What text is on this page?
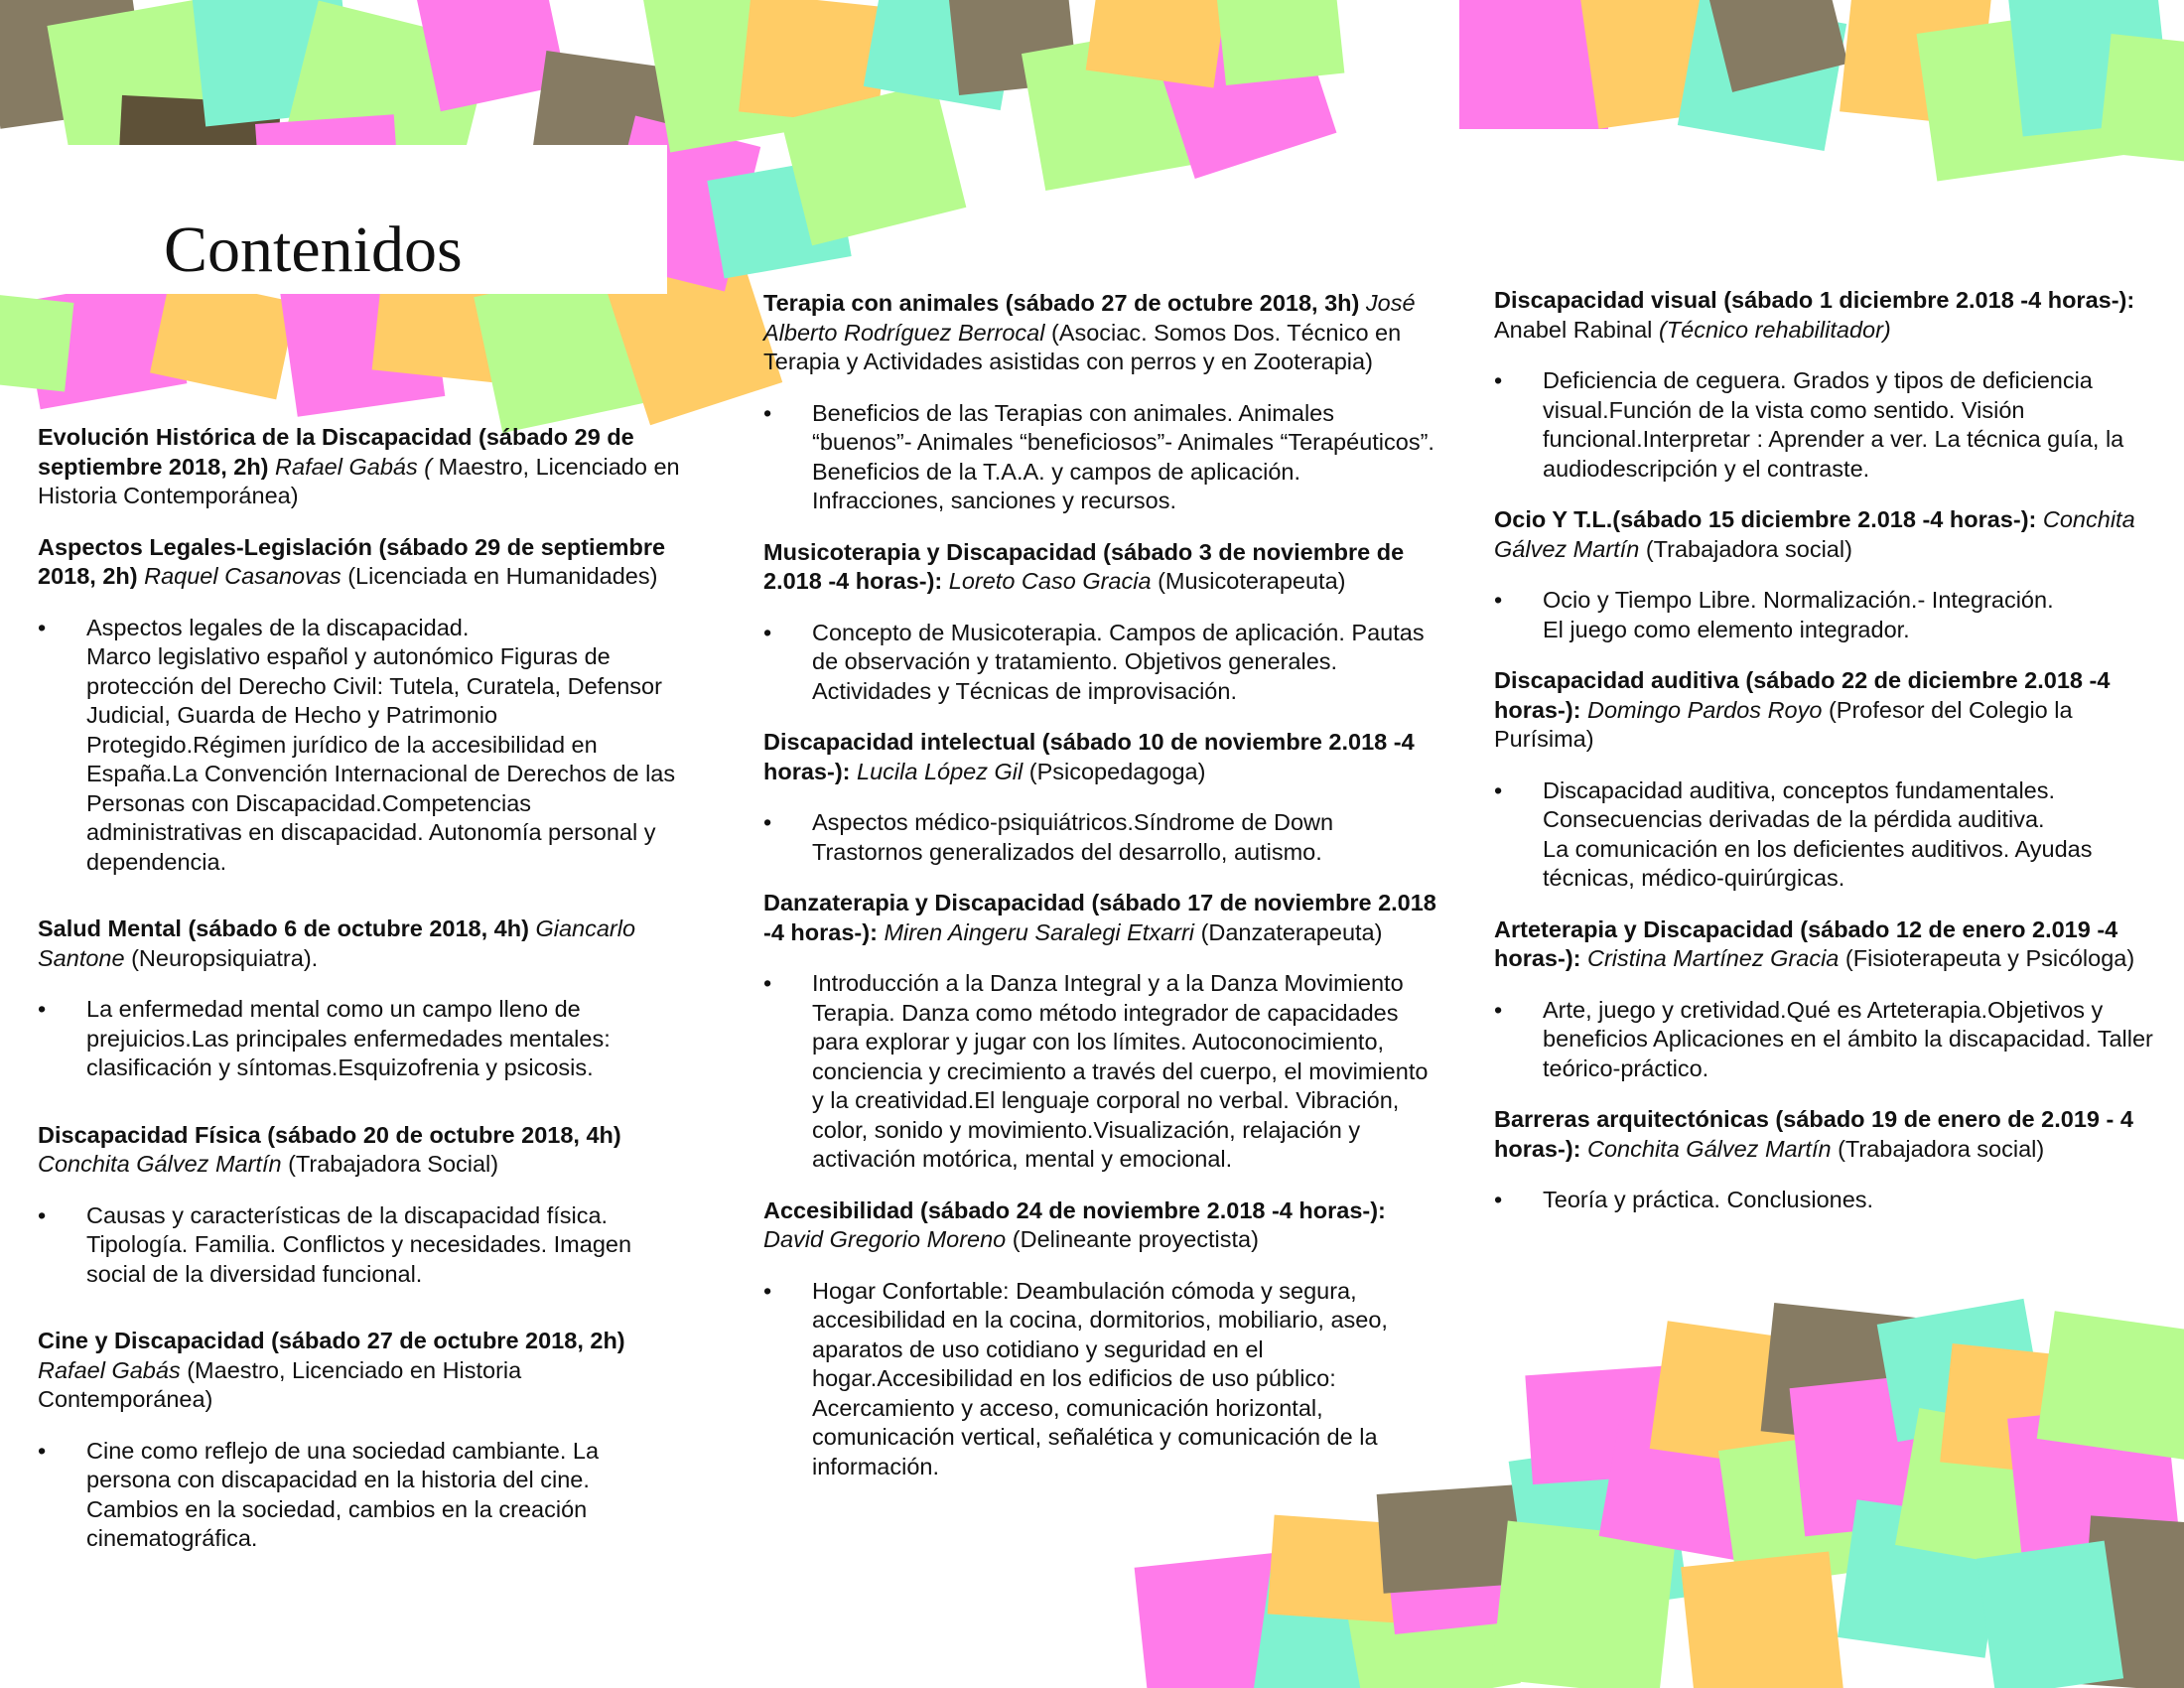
Contenidos

Evolución Histórica de la Discapacidad (sábado 29 de septiembre 2018, 2h) Rafael Gabás ( Maestro, Licenciado en Historia Contemporánea)

Aspectos Legales-Legislación (sábado 29 de septiembre 2018, 2h) Raquel Casanovas (Licenciada en Humanidades)

• Aspectos legales de la discapacidad.
Marco legislativo español y autonómico Figuras de protección del Derecho Civil: Tutela, Curatela, Defensor Judicial, Guarda de Hecho y Patrimonio Protegido.Régimen jurídico de la accesibilidad en España.La Convención Internacional de Derechos de las Personas con Discapacidad.Competencias administrativas en discapacidad. Autonomía personal y dependencia.

Salud Mental (sábado 6 de octubre 2018, 4h) Giancarlo Santone (Neuropsiquiatra).

• La enfermedad mental como un campo lleno de prejuicios.Las principales enfermedades mentales: clasificación y síntomas.Esquizofrenia y psicosis.

Discapacidad Física (sábado 20 de octubre 2018, 4h) Conchita Gálvez Martín (Trabajadora Social)

• Causas y características de la discapacidad física. Tipología. Familia. Conflictos y necesidades. Imagen social de la diversidad funcional.

Cine y Discapacidad (sábado 27 de octubre 2018, 2h) Rafael Gabás (Maestro, Licenciado en Historia Contemporánea)

• Cine como reflejo de una sociedad cambiante. La persona con discapacidad en la historia del cine. Cambios en la sociedad, cambios en la creación cinematográfica.

Terapia con animales (sábado 27 de octubre 2018, 3h) José Alberto Rodríguez Berrocal (Asociac. Somos Dos. Técnico en Terapia y Actividades asistidas con perros y en Zooterapia)

• Beneficios de las Terapias con animales. Animales “buenos”- Animales “beneficiosos”- Animales “Terapéuticos”. Beneficios de la T.A.A. y campos de aplicación. Infracciones, sanciones y recursos.

Musicoterapia y Discapacidad (sábado 3 de noviembre de 2.018 -4 horas-): Loreto Caso Gracia (Musicoterapeuta)

• Concepto de Musicoterapia. Campos de aplicación. Pautas de observación y tratamiento. Objetivos generales. Actividades y Técnicas de improvisación.

Discapacidad intelectual (sábado 10 de noviembre 2.018 -4 horas-): Lucila López Gil (Psicopedagoga)

• Aspectos médico-psiquiátricos.Síndrome de Down Trastornos generalizados del desarrollo, autismo.

Danzaterapia y Discapacidad (sábado 17 de noviembre 2.018 -4 horas-): Miren Aingeru Saralegi Etxarri (Danzaterapeuta)

• Introducción a la Danza Integral y a la Danza Movimiento Terapia. Danza como método integrador de capacidades para explorar y jugar con los límites. Autoconocimiento, conciencia y crecimiento a través del cuerpo, el movimiento y la creatividad.El lenguaje corporal no verbal. Vibración, color, sonido y movimiento.Visualización, relajación y activación motórica, mental y emocional.

Accesibilidad (sábado 24 de noviembre 2.018 -4 horas-): David Gregorio Moreno (Delineante proyectista)

• Hogar Confortable: Deambulación cómoda y segura, accesibilidad en la cocina, dormitorios, mobiliario, aseo, aparatos de uso cotidiano y seguridad en el hogar.Accesibilidad en los edificios de uso público: Acercamiento y acceso, comunicación horizontal, comunicación vertical, señalética y comunicación de la información.

Discapacidad visual (sábado 1 diciembre 2.018 -4 horas-): Anabel Rabinal (Técnico rehabilitador)

• Deficiencia de ceguera. Grados y tipos de deficiencia visual.Función de la vista como sentido. Visión funcional.Interpretar : Aprender a ver. La técnica guía, la audiodescripción y el contraste.

Ocio Y T.L.(sábado 15 diciembre 2.018 -4 horas-): Conchita Gálvez Martín (Trabajadora social)

• Ocio y Tiempo Libre. Normalización.- Integración.
El juego como elemento integrador.

Discapacidad auditiva (sábado 22 de diciembre 2.018 -4 horas-): Domingo Pardos Royo (Profesor del Colegio la Purísima)

• Discapacidad auditiva, conceptos fundamentales. Consecuencias derivadas de la pérdida auditiva.
La comunicación en los deficientes auditivos. Ayudas técnicas, médico-quirúrgicas.

Arteterapia y Discapacidad (sábado 12 de enero 2.019 -4 horas-): Cristina Martínez Gracia (Fisioterapeuta y Psicóloga)

• Arte, juego y cretividad.Qué es Arteterapia.Objetivos y beneficios Aplicaciones en el ámbito la discapacidad. Taller teórico-práctico.

Barreras arquitectónicas (sábado 19 de enero de 2.019 - 4 horas-): Conchita Gálvez Martín (Trabajadora social)

• Teoría y práctica. Conclusiones.
